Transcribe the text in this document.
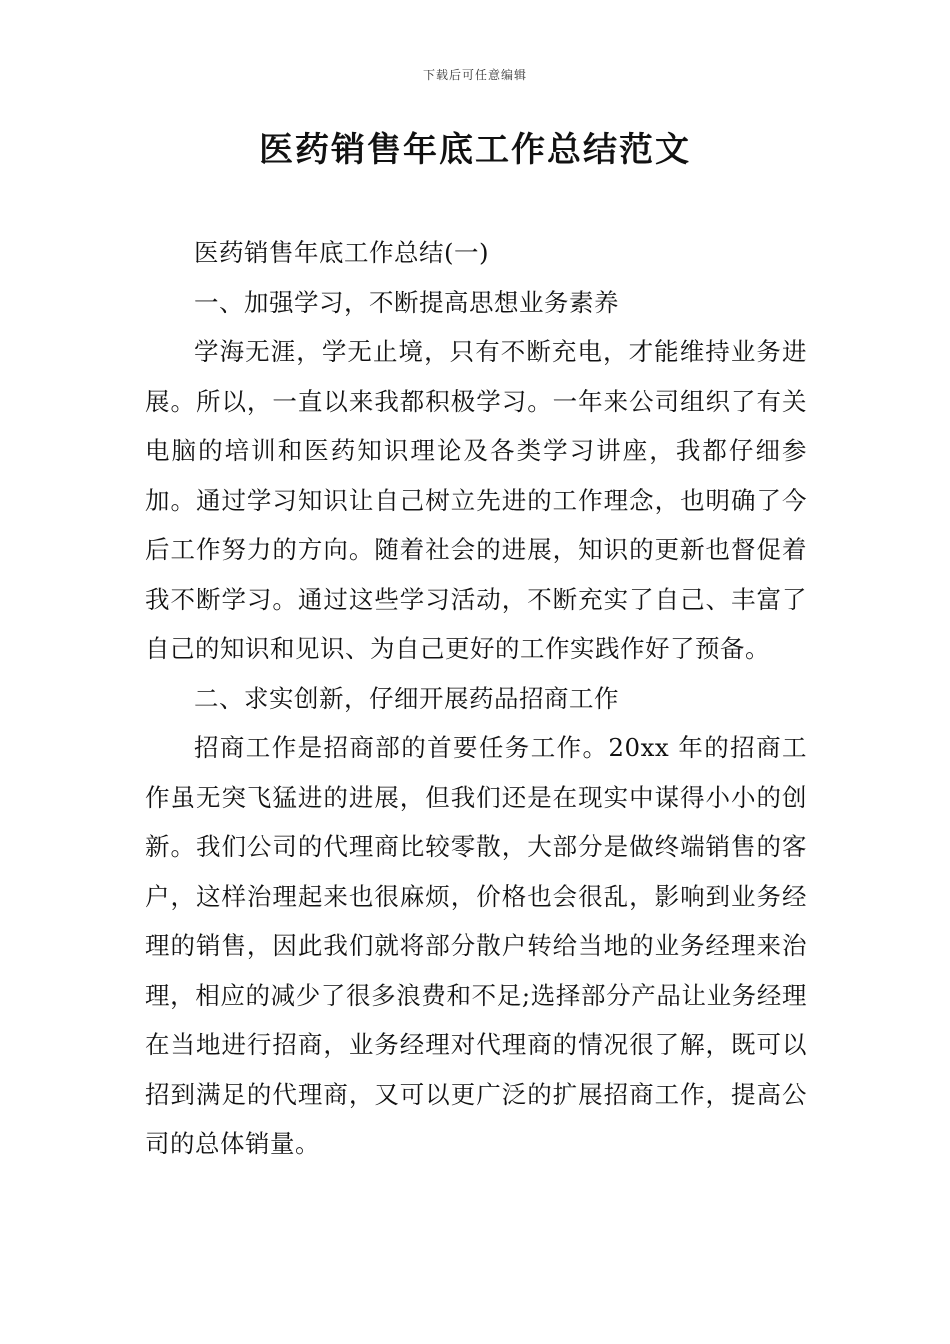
下载后可任意编辑
医药销售年底工作总结范文

医药销售年底工作总结(一)

一、加强学习，不断提高思想业务素养

学海无涯，学无止境，只有不断充电，才能维持业务进展。所以，一直以来我都积极学习。一年来公司组织了有关电脑的培训和医药知识理论及各类学习讲座，我都仔细参加。通过学习知识让自己树立先进的工作理念，也明确了今后工作努力的方向。随着社会的进展，知识的更新也督促着我不断学习。通过这些学习活动，不断充实了自己、丰富了自己的知识和见识、为自己更好的工作实践作好了预备。

二、求实创新，仔细开展药品招商工作

招商工作是招商部的首要任务工作。20xx 年的招商工作虽无突飞猛进的进展，但我们还是在现实中谋得小小的创新。我们公司的代理商比较零散，大部分是做终端销售的客户，这样治理起来也很麻烦，价格也会很乱，影响到业务经理的销售，因此我们就将部分散户转给当地的业务经理来治理，相应的减少了很多浪费和不足;选择部分产品让业务经理在当地进行招商，业务经理对代理商的情况很了解，既可以招到满足的代理商，又可以更广泛的扩展招商工作，提高公司的总体销量。
